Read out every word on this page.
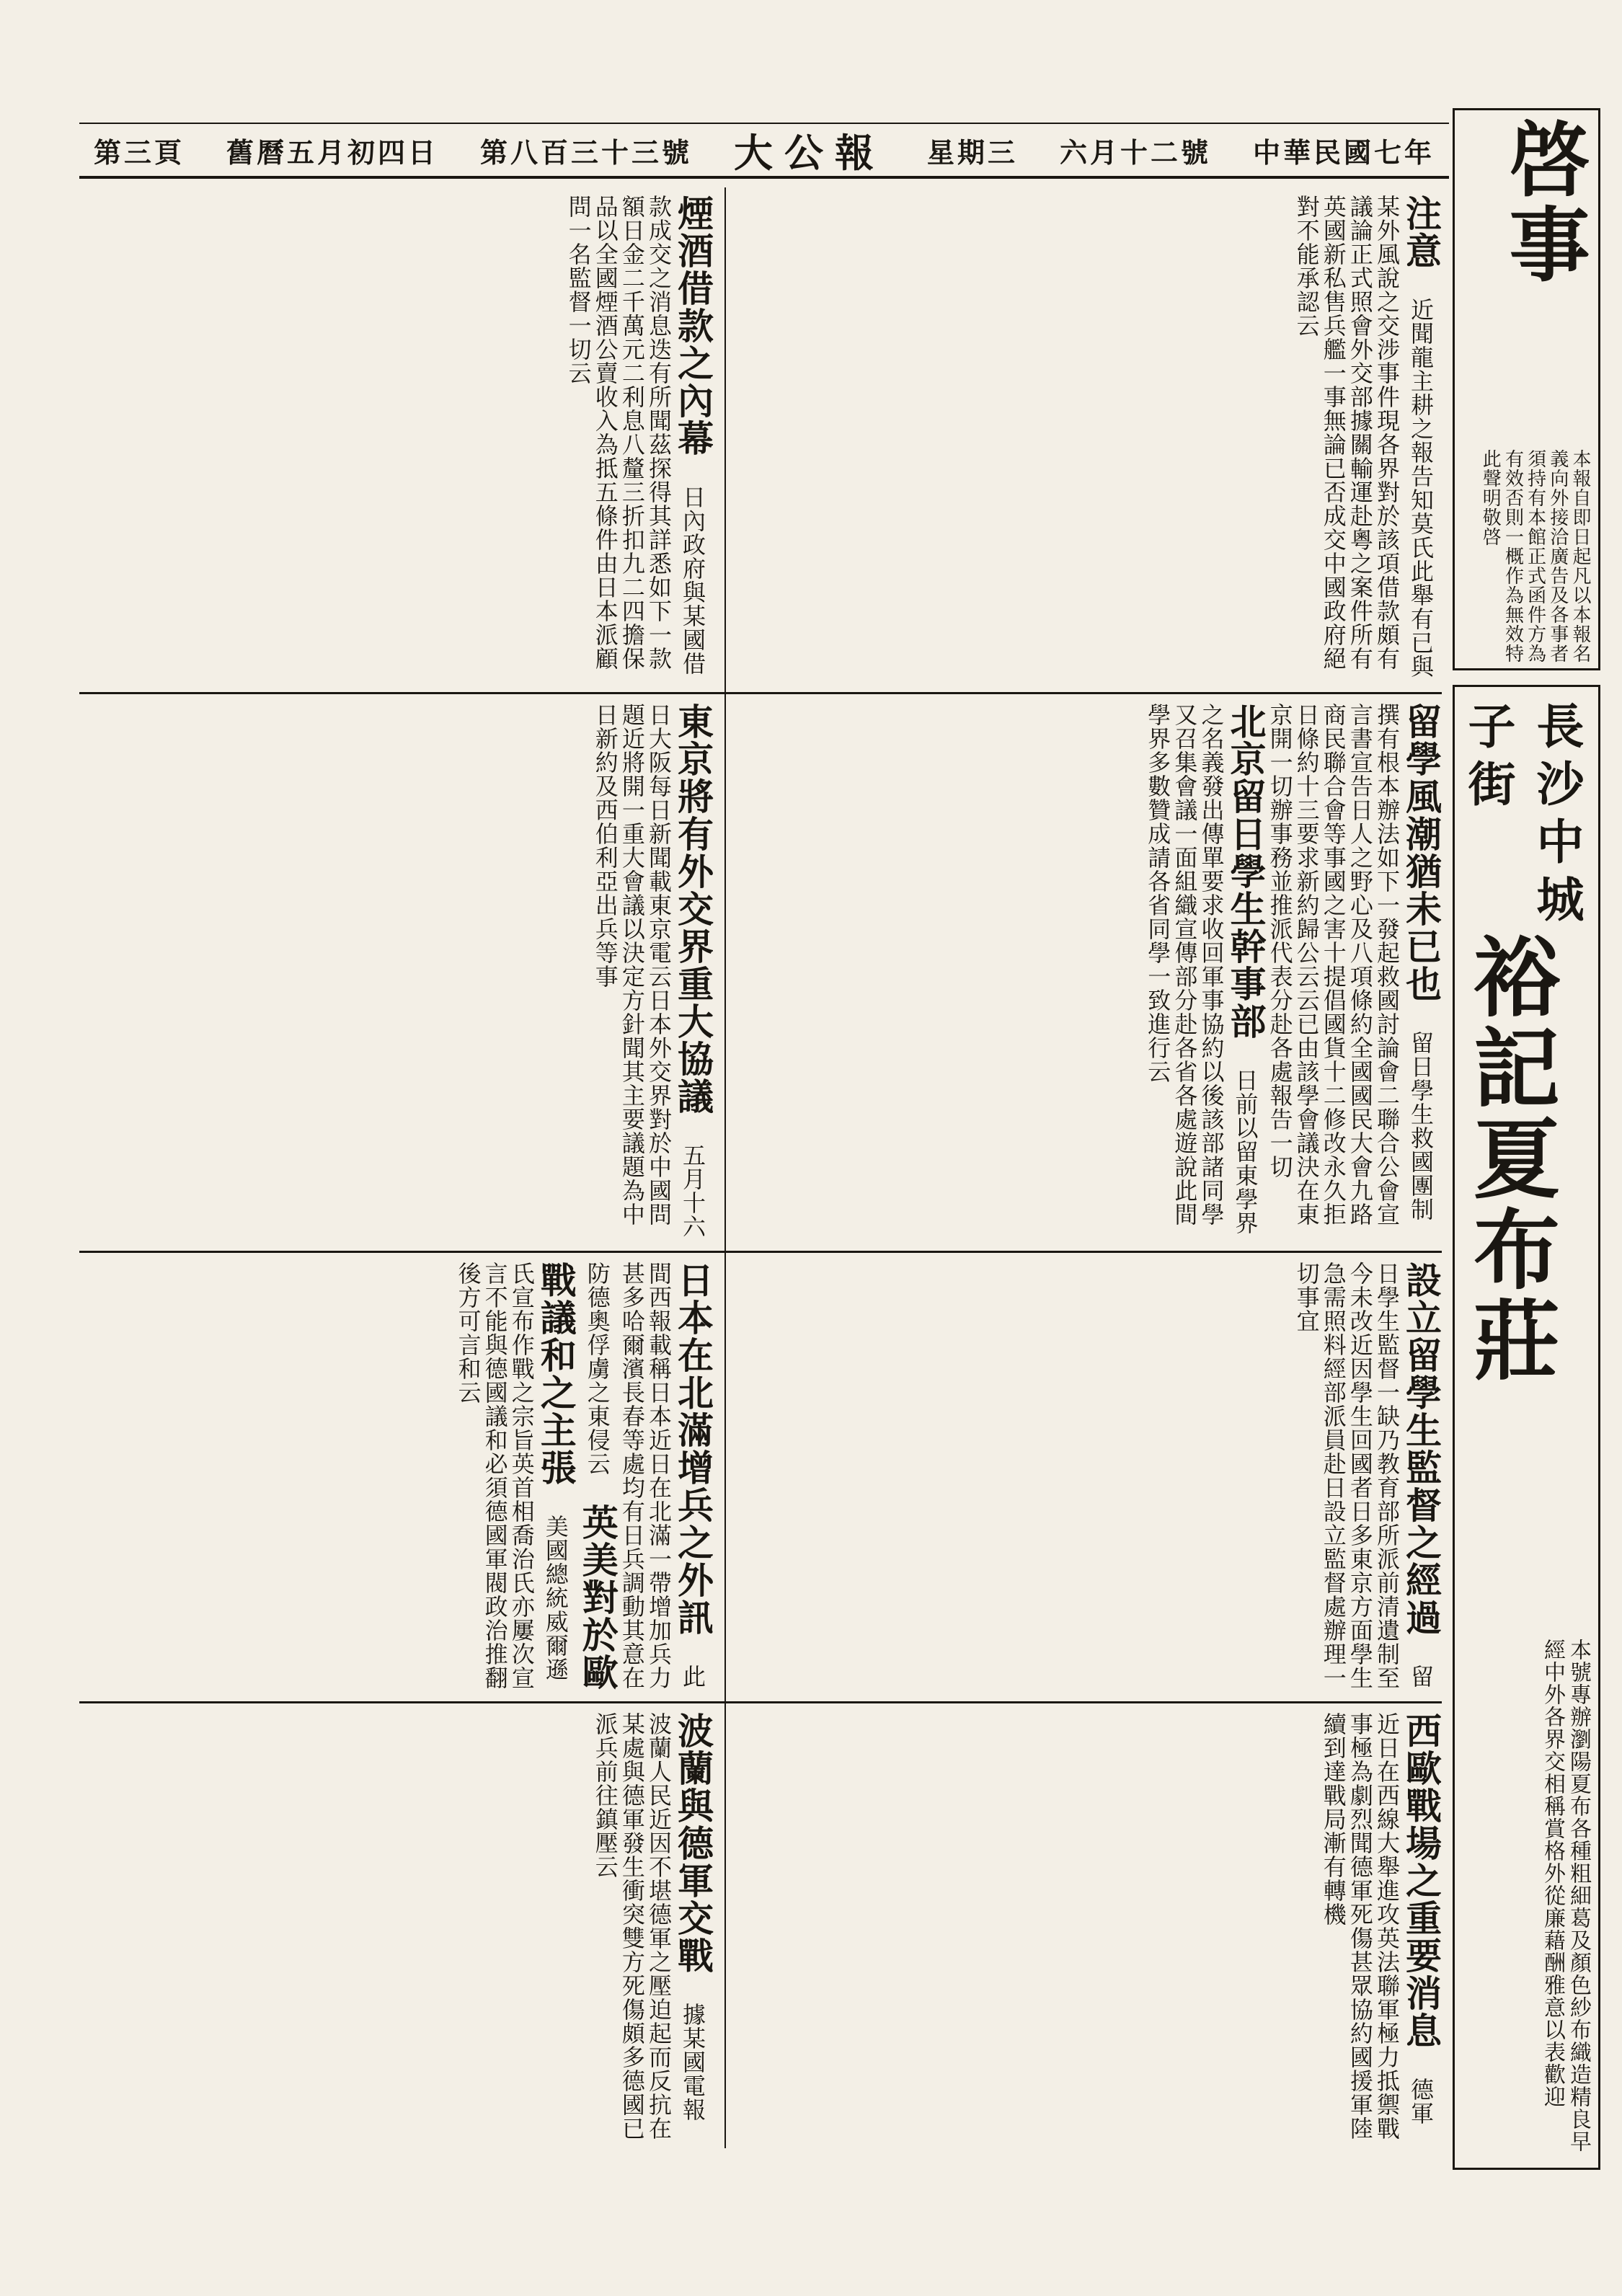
第三頁 舊曆五月初四日 第八百三十三號 大公報 星期三 六月十二號 中華民國七年 啓事
本報自即日起凡以本報名義向外接洽廣告及各事者須持有本館正式函件方為有效否則一概作為無效特此聲明敬啓
長沙中城子街
裕記夏布莊
本號專辦瀏陽夏布各種粗細葛及顏色紗布織造精良早經中外各界交相稱賞格外從廉藉酬雅意以表歡迎
注意 近聞龍主耕之報告知莫氏此舉有已與某外風說之交涉事件現各界對於該項借款頗有議論正式照會外交部據關輸運赴粵之案件所有英國新私售兵艦一事無論已否成交中國政府絕對不能承認云
煙酒借款之內幕 日內政府與某國借款成交之消息迭有所聞茲探得其詳悉如下一款額日金二千萬元二利息八釐三折扣九二四擔保品以全國煙酒公賣收入為抵五條件由日本派顧問一名監督一切云
留學風潮猶未已也 留日學生救國團制撰有根本辦法如下一發起救國討論會二聯合公會宣言書宣告日人之野心及八項條約全國國民大會九路商民聯合會等事國之害十提倡國貨十二修改永久拒日條約十三要求新約歸公云云已由該學會議決在東京開一切辦事務並推派代表分赴各處報告一切 北京留日學生幹事部 日前以留東學界之名義發出傳單要求收回軍事協約以後該部諸同學又召集會議一面組織宣傳部分赴各省各處遊說此間學界多數贊成請各省同學一致進行云
東京將有外交界重大協議 五月十六日大阪每日新聞載東京電云日本外交界對於中國問題近將開一重大會議以決定方針聞其主要議題為中日新約及西伯利亞出兵等事
設立留學生監督之經過 留日學生監督一缺乃教育部所派前清遺制至今未改近因學生回國者日多東京方面學生急需照料經部派員赴日設立監督處辦理一切事宜
日本在北滿增兵之外訊 此間西報載稱日本近日在北滿一帶增加兵力甚多哈爾濱長春等處均有日兵調動其意在防德奧俘虜之東侵云 英美對於歐戰議和之主張 美國總統威爾遜氏宣布作戰之宗旨英首相喬治氏亦屢次宣言不能與德國議和必須德國軍閥政治推翻後方可言和云
西歐戰場之重要消息 德軍近日在西線大舉進攻英法聯軍極力抵禦戰事極為劇烈聞德軍死傷甚眾協約國援軍陸續到達戰局漸有轉機
波蘭與德軍交戰 據某國電報波蘭人民近因不堪德軍之壓迫起而反抗在某處與德軍發生衝突雙方死傷頗多德國已派兵前往鎮壓云
